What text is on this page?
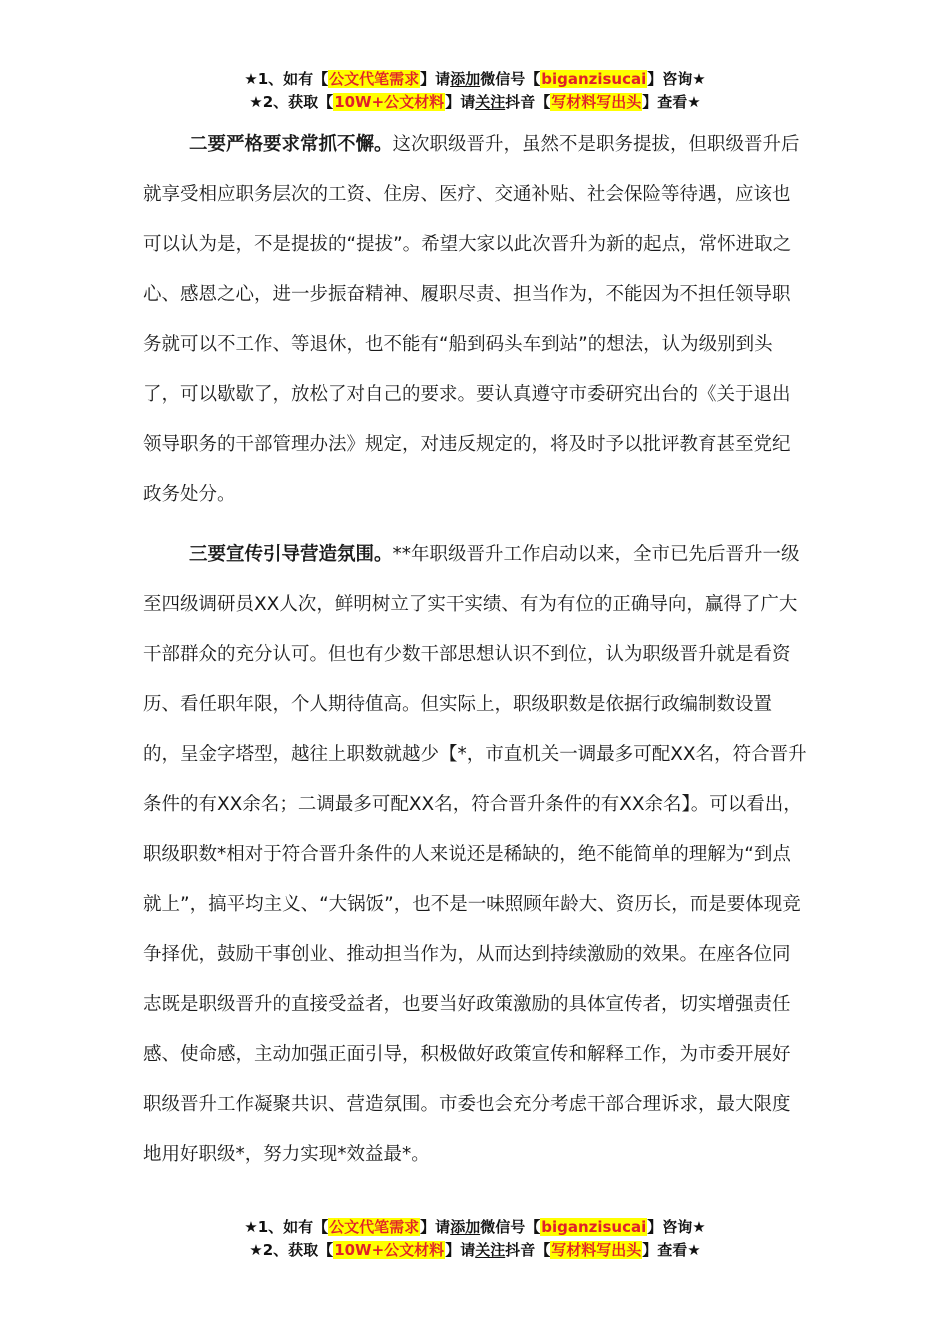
★1、如有【公文代笔需求】请添加微信号【biganzisucai】咨询★
★2、获取【10W+公文材料】请关注抖音【写材料写出头】查看★

二要严格要求常抓不懈。这次职级晋升，虽然不是职务提拔，但职级晋升后就享受相应职务层次的工资、住房、医疗、交通补贴、社会保险等待遇，应该也可以认为是，不是提拔的“提拔”。希望大家以此次晋升为新的起点，常怀进取之心、感恩之心，进一步振奋精神、履职尽责、担当作为，不能因为不担任领导职务就可以不工作、等退休，也不能有“船到码头车到站”的想法，认为级别到头了，可以歇歇了，放松了对自己的要求。要认真遵守市委研究出台的《关于退出领导职务的干部管理办法》规定，对违反规定的，将及时予以批评教育甚至党纪政务处分。

三要宣传引导营造氛围。**年职级晋升工作启动以来，全市已先后晋升一级至四级调研员XX人次，鲜明树立了实干实绩、有为有位的正确导向，赢得了广大干部群众的充分认可。但也有少数干部思想认识不到位，认为职级晋升就是看资历、看任职年限，个人期待值高。但实际上，职级职数是依据行政编制数设置的，呈金字塔型，越往上职数就越少【*，市直机关一调最多可配XX名，符合晋升条件的有XX余名；二调最多可配XX名，符合晋升条件的有XX余名】。可以看出，职级职数*相对于符合晋升条件的人来说还是稀缺的，绝不能简单的理解为“到点就上”，搞平均主义、“大锅饭”，也不是一味照顾年龄大、资历长，而是要体现竞争择优，鼓励干事创业、推动担当作为，从而达到持续激励的效果。在座各位同志既是职级晋升的直接受益者，也要当好政策激励的具体宣传者，切实增强责任感、使命感，主动加强正面引导，积极做好政策宣传和解释工作，为市委开展好职级晋升工作凝聚共识、营造氛围。市委也会充分考虑干部合理诉求，最大限度地用好职级*，努力实现*效益最*。

★1、如有【公文代笔需求】请添加微信号【biganzisucai】咨询★
★2、获取【10W+公文材料】请关注抖音【写材料写出头】查看★
